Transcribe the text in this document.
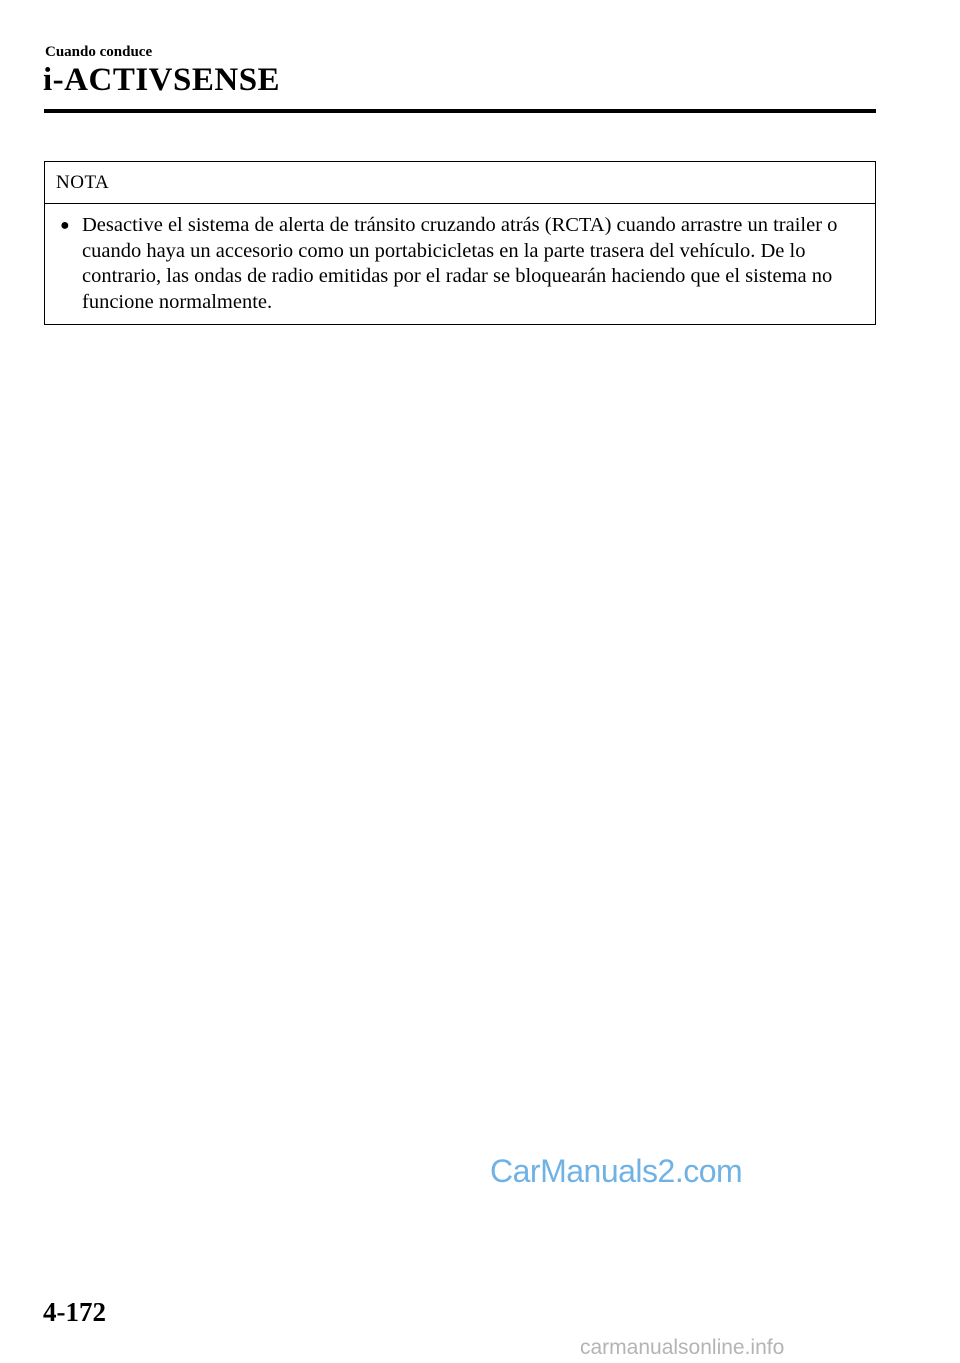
Cuando conduce
i-ACTIVSENSE
NOTA
● Desactive el sistema de alerta de tránsito cruzando atrás (RCTA) cuando arrastre un trailer o cuando haya un accesorio como un portabicicletas en la parte trasera del vehículo. De lo contrario, las ondas de radio emitidas por el radar se bloquearán haciendo que el sistema no funcione normalmente.
CarManuals2.com
4-172
carmanualsonline.info
